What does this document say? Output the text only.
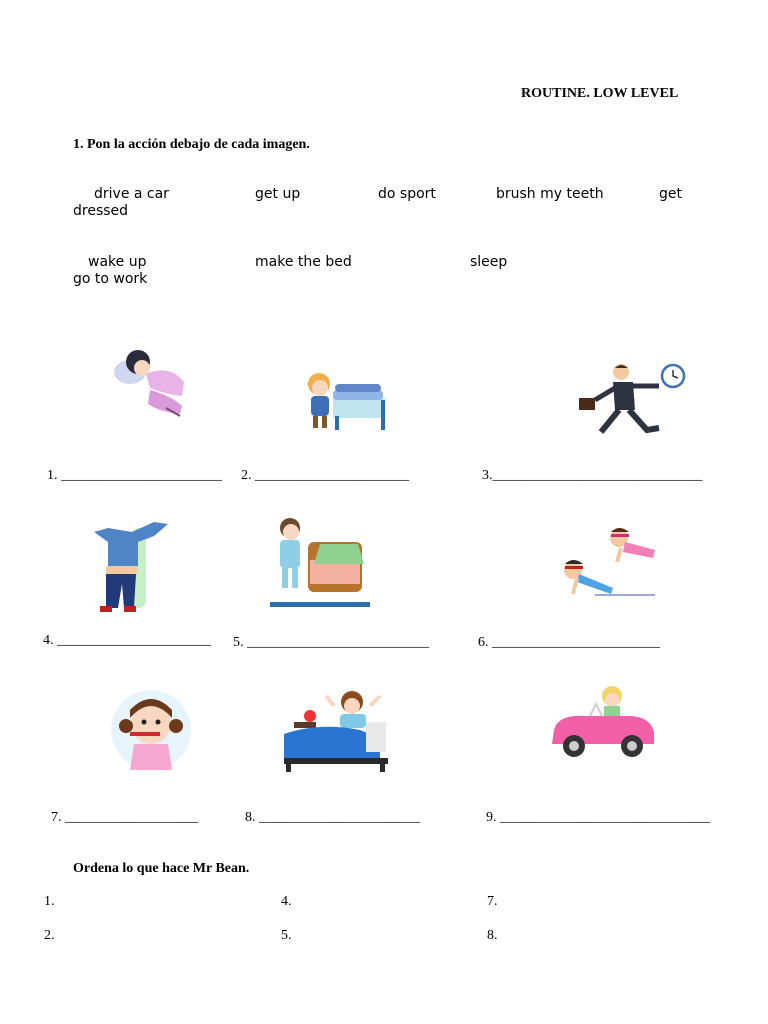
ROUTINE. LOW LEVEL
1. Pon la acción debajo de cada imagen.
drive a car	get up	do sport	brush my teeth	get
dressed
wake up	make the bed	sleep
go to work
1. _______________________ 2. ______________________	3.______________________________
4. ______________________ 5. __________________________	6. ________________________
7. ___________________	8. _______________________	9. ______________________________
Ordena lo que hace Mr Bean.
1.	4.	7.
2.	5.	8.
